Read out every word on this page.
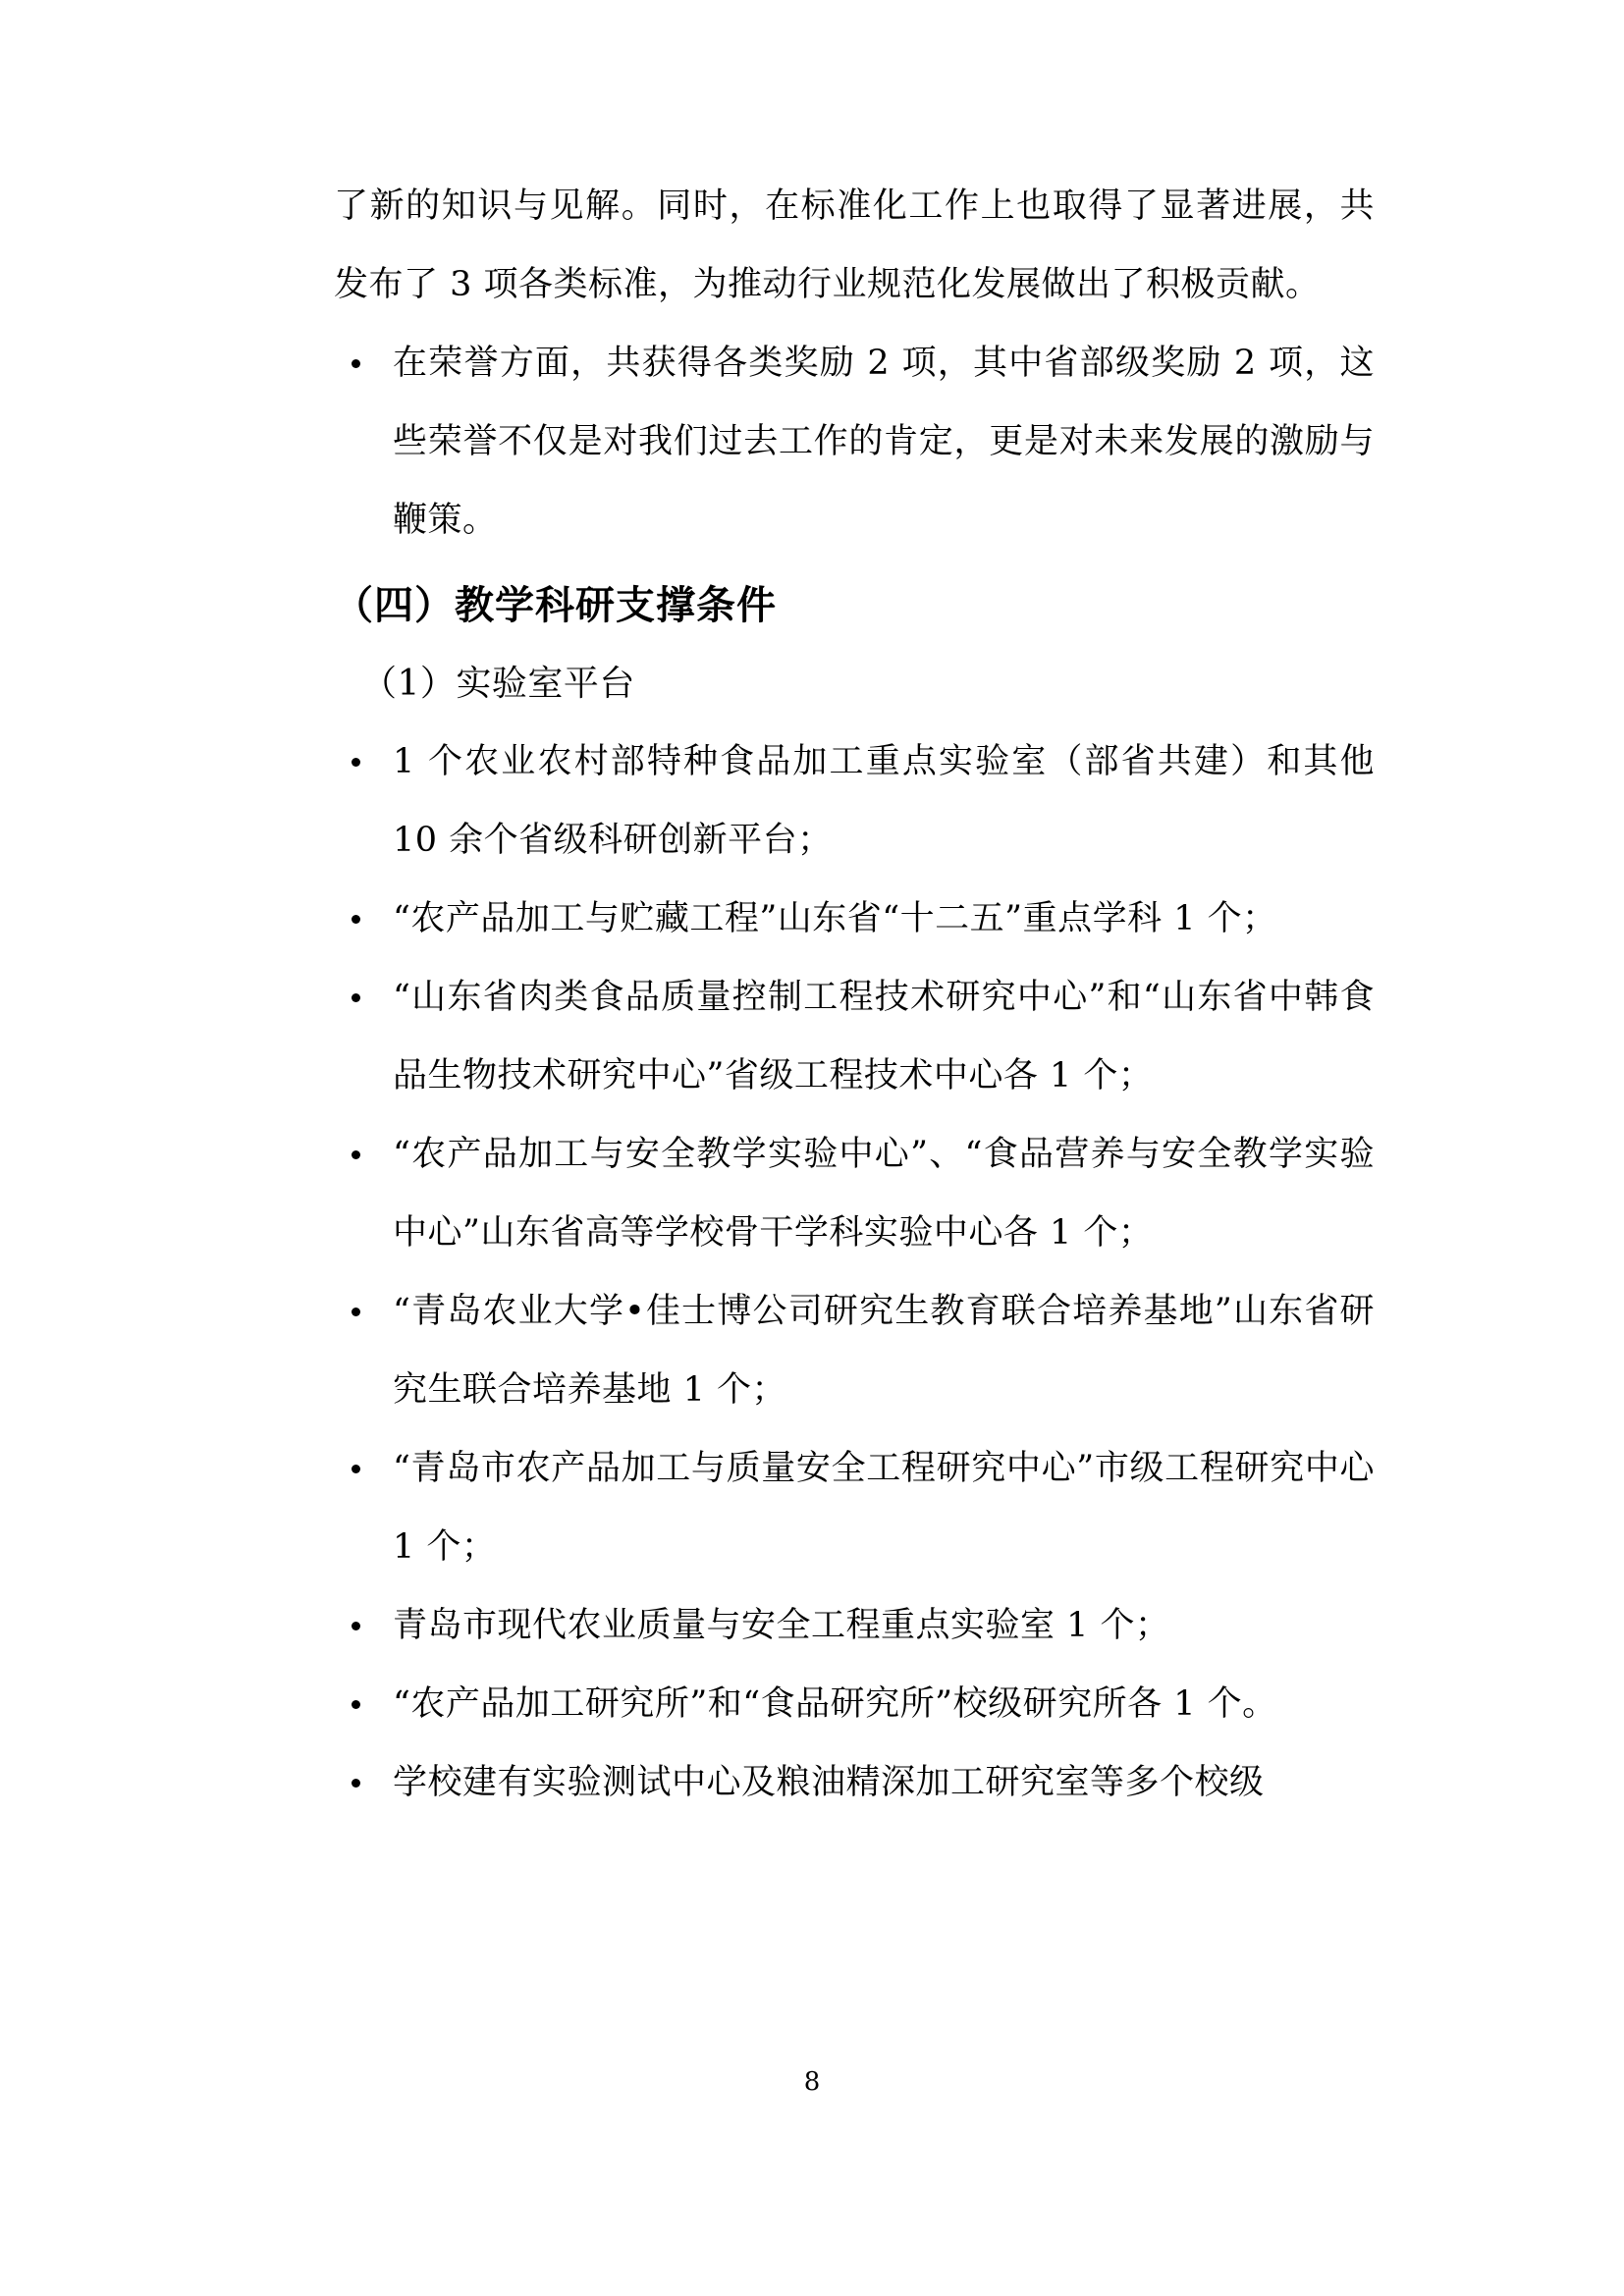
了新的知识与见解。同时，在标准化工作上也取得了显著进展，共发布了 3 项各类标准，为推动行业规范化发展做出了积极贡献。

在荣誉方面，共获得各类奖励 2 项，其中省部级奖励 2 项，这些荣誉不仅是对我们过去工作的肯定，更是对未来发展的激励与鞭策。

（四）教学科研支撑条件

（1）实验室平台

1 个农业农村部特种食品加工重点实验室（部省共建）和其他 10 余个省级科研创新平台；
“农产品加工与贮藏工程”山东省“十二五”重点学科 1 个；
“山东省肉类食品质量控制工程技术研究中心”和“山东省中韩食品生物技术研究中心”省级工程技术中心各 1 个；
“农产品加工与安全教学实验中心”、“食品营养与安全教学实验中心”山东省高等学校骨干学科实验中心各 1 个；
“青岛农业大学•佳士博公司研究生教育联合培养基地”山东省研究生联合培养基地 1 个；
“青岛市农产品加工与质量安全工程研究中心”市级工程研究中心 1 个；
青岛市现代农业质量与安全工程重点实验室 1 个；
“农产品加工研究所”和“食品研究所”校级研究所各 1 个。
学校建有实验测试中心及粮油精深加工研究室等多个校级
8
